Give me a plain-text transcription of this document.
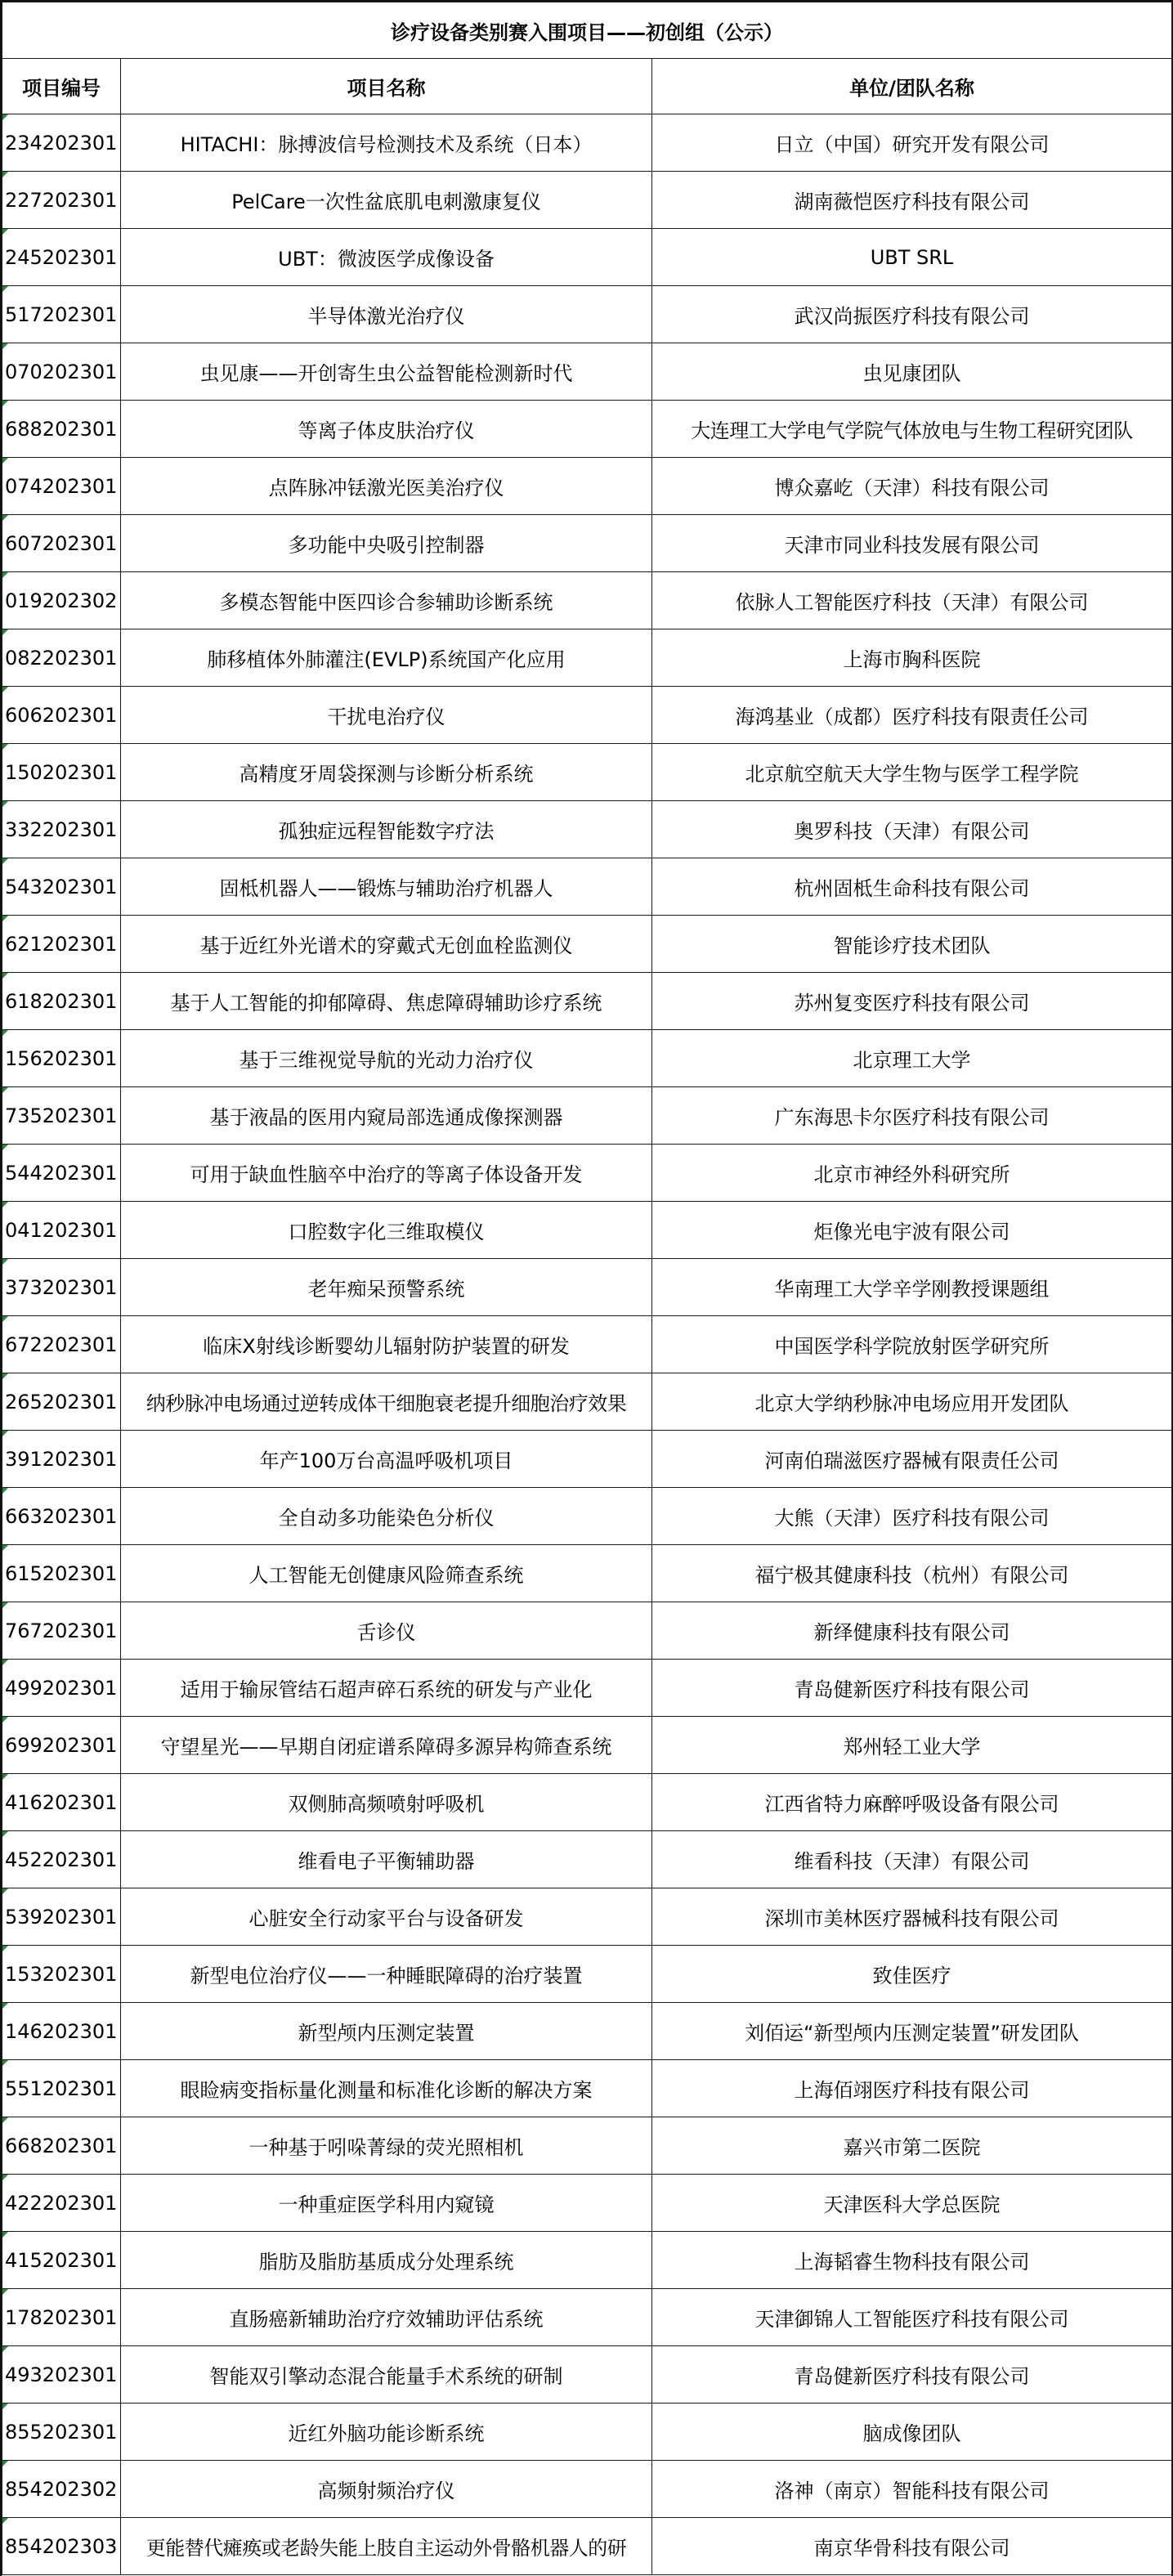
诊疗设备类别赛入围项目——初创组（公示）		
项目编号	项目名称	单位/团队名称
234202301	HITACHI：脉搏波信号检测技术及系统（日本）	日立（中国）研究开发有限公司
227202301	PelCare一次性盆底肌电刺激康复仪	湖南薇恺医疗科技有限公司
245202301	UBT：微波医学成像设备	UBT SRL
517202301	半导体激光治疗仪	武汉尚振医疗科技有限公司
070202301	虫见康——开创寄生虫公益智能检测新时代	虫见康团队
688202301	等离子体皮肤治疗仪	大连理工大学电气学院气体放电与生物工程研究团队
074202301	点阵脉冲铥激光医美治疗仪	博众嘉屹（天津）科技有限公司
607202301	多功能中央吸引控制器	天津市同业科技发展有限公司
019202302	多模态智能中医四诊合参辅助诊断系统	依脉人工智能医疗科技（天津）有限公司
082202301	肺移植体外肺灌注(EVLP)系统国产化应用	上海市胸科医院
606202301	干扰电治疗仪	海鸿基业（成都）医疗科技有限责任公司
150202301	高精度牙周袋探测与诊断分析系统	北京航空航天大学生物与医学工程学院
332202301	孤独症远程智能数字疗法	奥罗科技（天津）有限公司
543202301	固柢机器人——锻炼与辅助治疗机器人	杭州固柢生命科技有限公司
621202301	基于近红外光谱术的穿戴式无创血栓监测仪	智能诊疗技术团队
618202301	基于人工智能的抑郁障碍、焦虑障碍辅助诊疗系统	苏州复变医疗科技有限公司
156202301	基于三维视觉导航的光动力治疗仪	北京理工大学
735202301	基于液晶的医用内窥局部选通成像探测器	广东海思卡尔医疗科技有限公司
544202301	可用于缺血性脑卒中治疗的等离子体设备开发	北京市神经外科研究所
041202301	口腔数字化三维取模仪	炬像光电宇波有限公司
373202301	老年痴呆预警系统	华南理工大学辛学刚教授课题组
672202301	临床X射线诊断婴幼儿辐射防护装置的研发	中国医学科学院放射医学研究所
265202301	纳秒脉冲电场通过逆转成体干细胞衰老提升细胞治疗效果	北京大学纳秒脉冲电场应用开发团队
391202301	年产100万台高温呼吸机项目	河南伯瑞滋医疗器械有限责任公司
663202301	全自动多功能染色分析仪	大熊（天津）医疗科技有限公司
615202301	人工智能无创健康风险筛查系统	福宁极其健康科技（杭州）有限公司
767202301	舌诊仪	新绎健康科技有限公司
499202301	适用于输尿管结石超声碎石系统的研发与产业化	青岛健新医疗科技有限公司
699202301	守望星光——早期自闭症谱系障碍多源异构筛查系统	郑州轻工业大学
416202301	双侧肺高频喷射呼吸机	江西省特力麻醉呼吸设备有限公司
452202301	维看电子平衡辅助器	维看科技（天津）有限公司
539202301	心脏安全行动家平台与设备研发	深圳市美林医疗器械科技有限公司
153202301	新型电位治疗仪——一种睡眠障碍的治疗装置	致佳医疗
146202301	新型颅内压测定装置	刘佰运“新型颅内压测定装置”研发团队
551202301	眼睑病变指标量化测量和标准化诊断的解决方案	上海佰翊医疗科技有限公司
668202301	一种基于吲哚菁绿的荧光照相机	嘉兴市第二医院
422202301	一种重症医学科用内窥镜	天津医科大学总医院
415202301	脂肪及脂肪基质成分处理系统	上海韬睿生物科技有限公司
178202301	直肠癌新辅助治疗疗效辅助评估系统	天津御锦人工智能医疗科技有限公司
493202301	智能双引擎动态混合能量手术系统的研制	青岛健新医疗科技有限公司
855202301	近红外脑功能诊断系统	脑成像团队
854202302	高频射频治疗仪	洛神（南京）智能科技有限公司
854202303	更能替代瘫痪或老龄失能上肢自主运动外骨骼机器人的研	南京华骨科技有限公司
